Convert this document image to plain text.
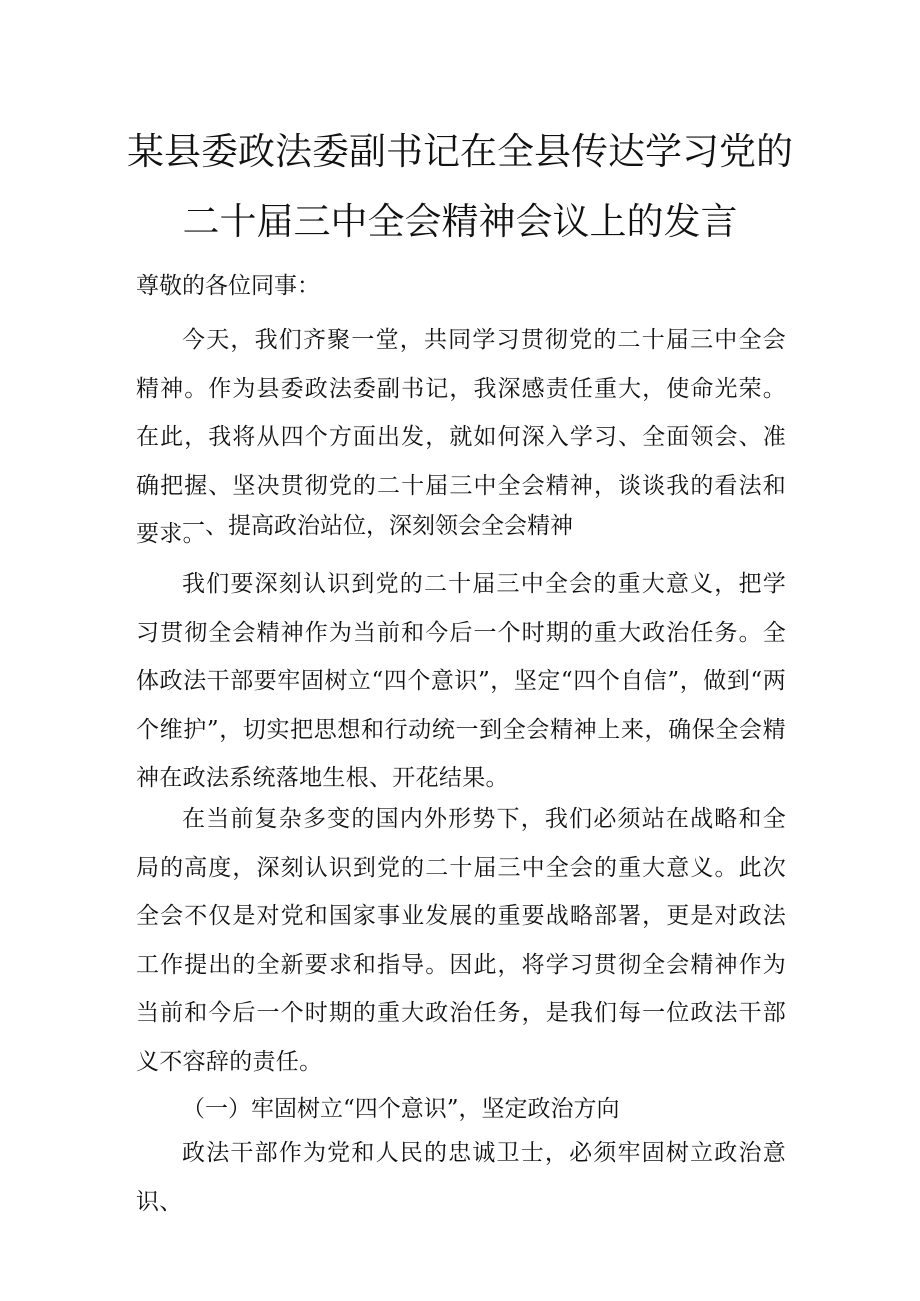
某县委政法委副书记在全县传达学习党的
二十届三中全会精神会议上的发言
尊敬的各位同事：
今天，我们齐聚一堂，共同学习贯彻党的二十届三中全会精神。作为县委政法委副书记，我深感责任重大，使命光荣。在此，我将从四个方面出发，就如何深入学习、全面领会、准确把握、坚决贯彻党的二十届三中全会精神，谈谈我的看法和要求。
一、提高政治站位，深刻领会全会精神
我们要深刻认识到党的二十届三中全会的重大意义，把学习贯彻全会精神作为当前和今后一个时期的重大政治任务。全体政法干部要牢固树立“四个意识”，坚定“四个自信”，做到“两个维护”，切实把思想和行动统一到全会精神上来，确保全会精神在政法系统落地生根、开花结果。
在当前复杂多变的国内外形势下，我们必须站在战略和全局的高度，深刻认识到党的二十届三中全会的重大意义。此次全会不仅是对党和国家事业发展的重要战略部署，更是对政法工作提出的全新要求和指导。因此，将学习贯彻全会精神作为当前和今后一个时期的重大政治任务，是我们每一位政法干部义不容辞的责任。
（一）牢固树立“四个意识”，坚定政治方向
政法干部作为党和人民的忠诚卫士，必须牢固树立政治意识、
